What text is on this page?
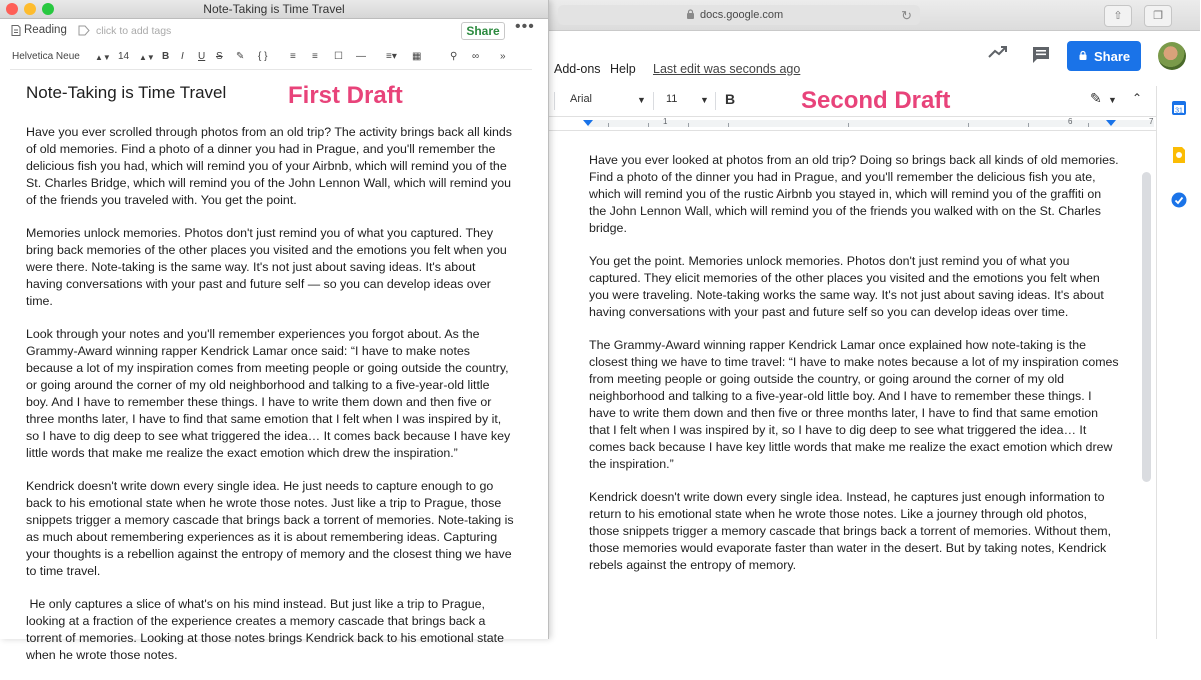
docs.google.com	↻	⇧	❐
Share
Add-ons Help Last edit was seconds ago
Arial	▼ 11	▼ B	✎ ▼ ⌃
Second Draft
1	6	7

Have you ever looked at photos from an old trip? Doing so brings back all kinds of old memories. Find a photo of the dinner you had in Prague, and you'll remember the delicious fish you ate, which will remind you of the rustic Airbnb you stayed in, which will remind you of the graffiti on the John Lennon Wall, which will remind you of the friends you walked with on the St. Charles bridge.

You get the point. Memories unlock memories. Photos don't just remind you of what you captured. They elicit memories of the other places you visited and the emotions you felt when you were traveling. Note-taking works the same way. It's not just about saving ideas. It's about having conversations with your past and future self so you can develop ideas over time.

The Grammy-Award winning rapper Kendrick Lamar once explained how note-taking is the closest thing we have to time travel: “I have to make notes because a lot of my inspiration comes from meeting people or going outside the country, or going around the corner of my old neighborhood and talking to a five-year-old little boy. And I have to remember these things. I have to write them down and then five or three months later, I have to find that same emotion that I felt when I was inspired by it, so I have to dig deep to see what triggered the idea… It comes back because I have key little words that make me realize the exact emotion which drew the inspiration.”

Kendrick doesn't write down every single idea. Instead, he captures just enough information to return to his emotional state when he wrote those notes. Like a journey through old photos, those snippets trigger a memory cascade that brings back a torrent of memories. Without them, those memories would evaporate faster than water in the desert. But by taking notes, Kendrick rebels against the entropy of memory.

31
Note-Taking is Time Travel
Reading	click to add tags	Share •••
Helvetica Neue ▲▼ 14 ▲▼ B I U S ✎ { } ≡ ≡ ☐ — ≡▾ ▦	⚲ ∞ »
Note-Taking is Time Travel	First Draft

Have you ever scrolled through photos from an old trip? The activity brings back all kinds of old memories. Find a photo of a dinner you had in Prague, and you'll remember the delicious fish you had, which will remind you of your Airbnb, which will remind you of the St. Charles Bridge, which will remind you of the John Lennon Wall, which will remind you of the friends you traveled with. You get the point.

Memories unlock memories. Photos don't just remind you of what you captured. They bring back memories of the other places you visited and the emotions you felt when you were there. Note-taking is the same way. It's not just about saving ideas. It's about having conversations with your past and future self — so you can develop ideas over time.

Look through your notes and you'll remember experiences you forgot about. As the Grammy-Award winning rapper Kendrick Lamar once said: “I have to make notes because a lot of my inspiration comes from meeting people or going outside the country, or going around the corner of my old neighborhood and talking to a five-year-old little boy. And I have to remember these things. I have to write them down and then five or three months later, I have to find that same emotion that I felt when I was inspired by it, so I have to dig deep to see what triggered the idea… It comes back because I have key little words that make me realize the exact emotion which drew the inspiration.”

Kendrick doesn't write down every single idea. He just needs to capture enough to go back to his emotional state when he wrote those notes. Just like a trip to Prague, those snippets trigger a memory cascade that brings back a torrent of memories. Note-taking is as much about remembering experiences as it is about remembering ideas. Capturing your thoughts is a rebellion against the entropy of memory and the closest thing we have to time travel.

He only captures a slice of what's on his mind instead. But just like a trip to Prague, looking at a fraction of the experience creates a memory cascade that brings back a torrent of memories. Looking at those notes brings Kendrick back to his emotional state when he wrote those notes.
